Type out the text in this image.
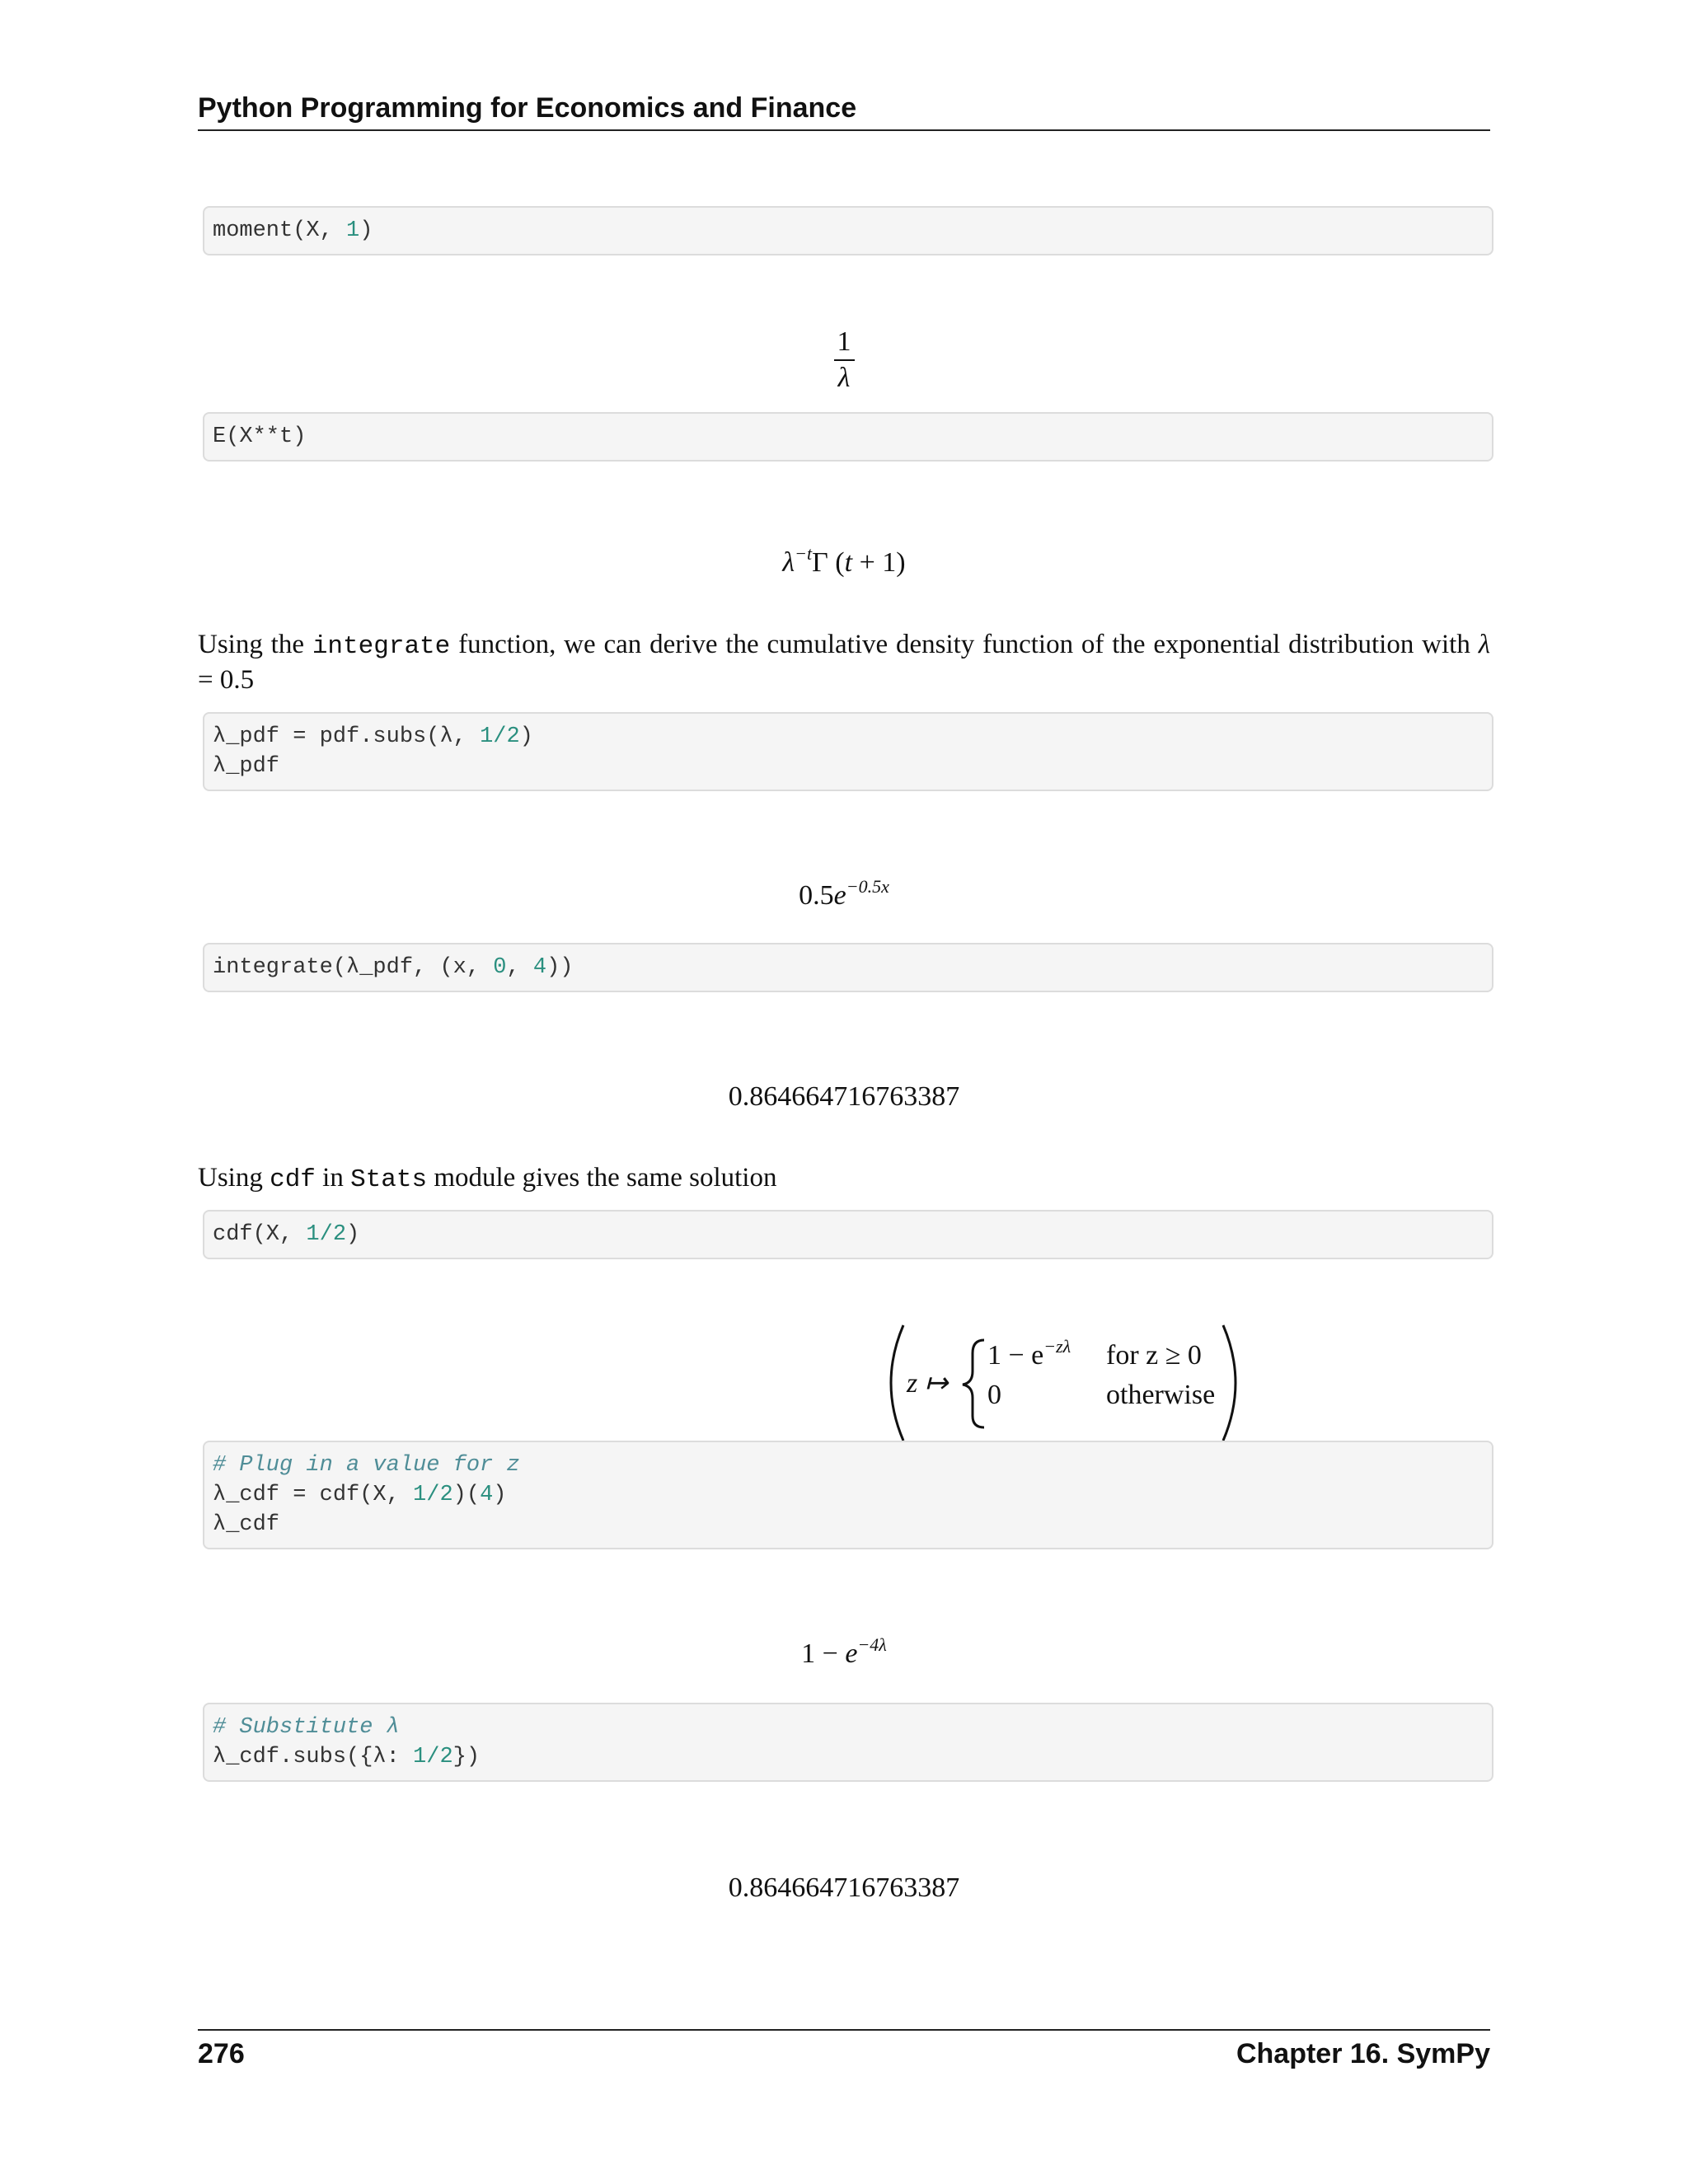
Python Programming for Economics and Finance
moment(X, 1)
$\frac{1}{\lambda}$
E(X**t)
$\lambda^{-t}\Gamma$ (t + 1)
Using the integrate function, we can derive the cumulative density function of the exponential distribution with λ = 0.5
λ_pdf = pdf.subs(λ, 1/2)
λ_pdf
$0.5e^{-0.5x}$
integrate(λ_pdf, (x, 0, 4))
0.864664716763387
Using cdf in Stats module gives the same solution
cdf(X, 1/2)
z ↦
$1 - e^{-z\lambda}$ for z ≥ 0
0	otherwise
# Plug in a value for z
λ_cdf = cdf(X, 1/2)(4)
λ_cdf
$1 - e^{-4\lambda}$
# Substitute λ
λ_cdf.subs({λ: 1/2})
0.864664716763387
276	Chapter 16. SymPy
